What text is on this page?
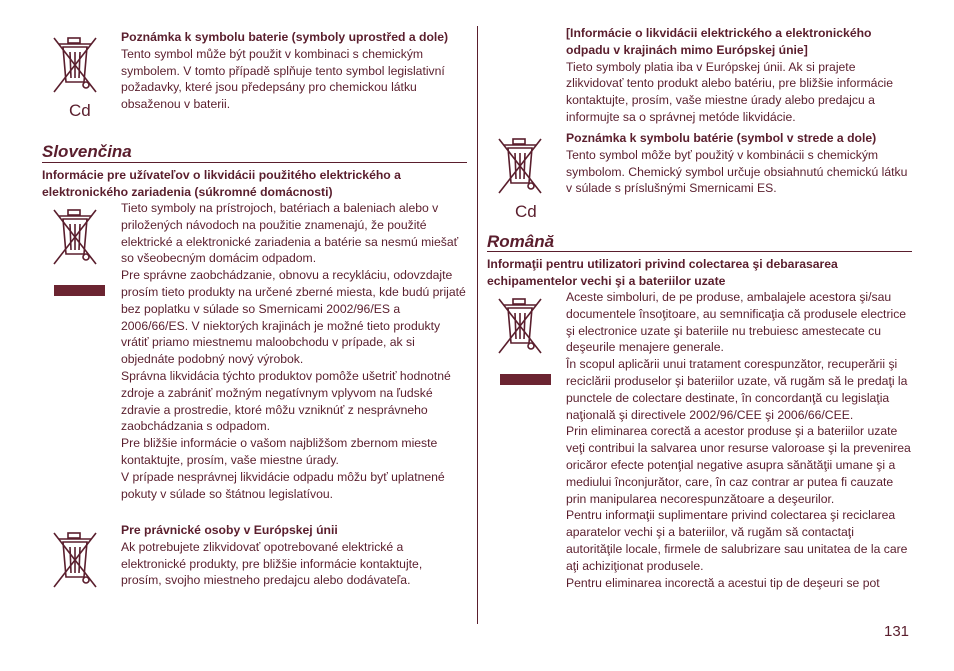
Cd

Poznámka k symbolu baterie (symboly uprostřed a dole)

Tento symbol může být použit v kombinaci s chemickým symbolem. V tomto případě splňuje tento symbol legislativní požadavky, které jsou předepsány pro chemickou látku obsaženou v baterii.

Slovenčina
Informácie pre užívateľov o likvidácii použitého elektrického a elektronického zariadenia (súkromné domácnosti)

Tieto symboly na prístrojoch, batériach a baleniach alebo v priložených návodoch na použitie znamenajú, že použité elektrické a elektronické zariadenia a batérie sa nesmú miešať so všeobecným domácim odpadom.

Pre správne zaobchádzanie, obnovu a recykláciu, odovzdajte prosím tieto produkty na určené zberné miesta, kde budú prijaté bez poplatku v súlade so Smernicami 2002/96/ES a 2006/66/ES. V niektorých krajinách je možné tieto produkty vrátiť priamo miestnemu maloobchodu v prípade, ak si objednáte podobný nový výrobok.

Správna likvidácia týchto produktov pomôže ušetriť hodnotné zdroje a zabrániť možným negatívnym vplyvom na ľudské zdravie a prostredie, ktoré môžu vzniknúť z nesprávneho zaobchádzania s odpadom.

Pre bližšie informácie o vašom najbližšom zbernom mieste kontaktujte, prosím, vaše miestne úrady.

V prípade nesprávnej likvidácie odpadu môžu byť uplatnené pokuty v súlade so štátnou legislatívou.

Pre právnické osoby v Európskej únii

Ak potrebujete zlikvidovať opotrebované elektrické a elektronické produkty, pre bližšie informácie kontaktujte, prosím, svojho miestneho predajcu alebo dodávateľa.

[Informácie o likvidácii elektrického a elektronického odpadu v krajinách mimo Európskej únie]

Tieto symboly platia iba v Európskej únii. Ak si prajete zlikvidovať tento produkt alebo batériu, pre bližšie informácie kontaktujte, prosím, vaše miestne úrady alebo predajcu a informujte sa o správnej metóde likvidácie.

Cd

Poznámka k symbolu batérie (symbol v strede a dole)

Tento symbol môže byť použitý v kombinácii s chemickým symbolom. Chemický symbol určuje obsiahnutú chemickú látku v súlade s príslušnými Smernicami ES.

Română
Informaţii pentru utilizatori privind colectarea şi debarasarea echipamentelor vechi şi a bateriilor uzate

Aceste simboluri, de pe produse, ambalajele acestora şi/sau documentele însoţitoare, au semnificaţia că produsele electrice şi electronice uzate şi bateriile nu trebuiesc amestecate cu deşeurile menajere generale.

În scopul aplicării unui tratament corespunzător, recuperării şi reciclării produselor şi bateriilor uzate, vă rugăm să le predaţi la punctele de colectare destinate, în concordanţă cu legislaţia naţională şi directivele 2002/96/CEE şi 2006/66/CEE.

Prin eliminarea corectă a acestor produse şi a bateriilor uzate veţi contribui la salvarea unor resurse valoroase şi la prevenirea oricăror efecte potenţial negative asupra sănătăţii umane şi a mediului înconjurător, care, în caz contrar ar putea fi cauzate prin manipularea necorespunzătoare a deşeurilor.

Pentru informaţii suplimentare privind colectarea şi reciclarea aparatelor vechi şi a bateriilor, vă rugăm să contactaţi autorităţile locale, firmele de salubrizare sau unitatea de la care aţi achiziţionat produsele.

Pentru eliminarea incorectă a acestui tip de deşeuri se pot

131
